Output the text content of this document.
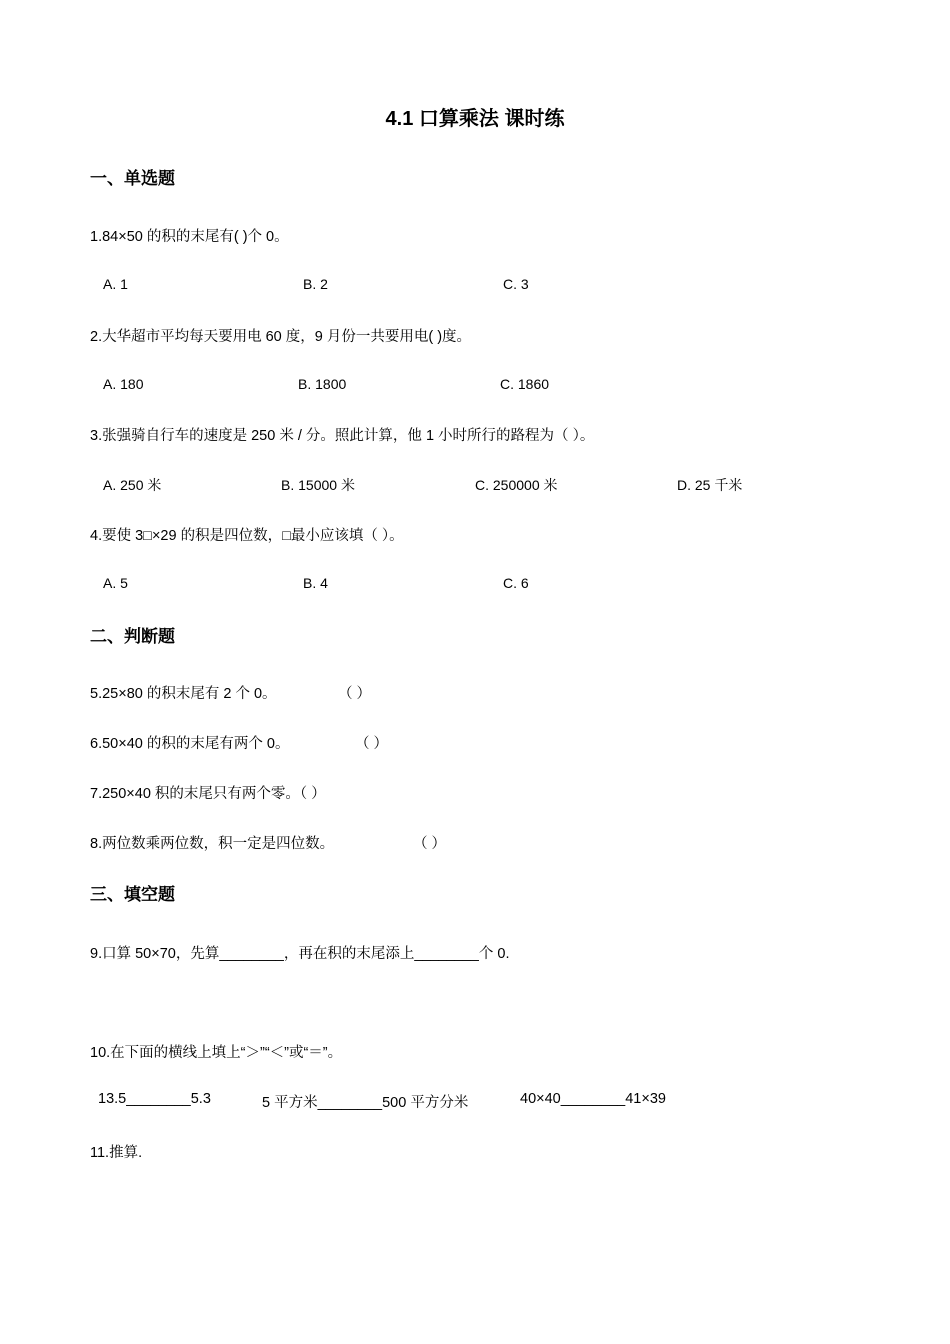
4.1 口算乘法 课时练
一、单选题
1.84×50 的积的末尾有( )个 0。
A. 1	B. 2	C. 3
2.大华超市平均每天要用电 60 度，9 月份一共要用电( )度。
A. 180	B. 1800	C. 1860
3.张强骑自行车的速度是 250 米 / 分。照此计算，他 1 小时所行的路程为（ ）。
A. 250 米	B. 15000 米	C. 250000 米	D. 25 千米
4.要使 3□×29 的积是四位数，□最小应该填（ ）。
A. 5	B. 4	C. 6
二、判断题
5.25×80 的积末尾有 2 个 0。	（ ）
6.50×40 的积的末尾有两个 0。	（ ）
7.250×40 积的末尾只有两个零。（ ）
8.两位数乘两位数，积一定是四位数。	（ ）
三、填空题
9.口算 50×70，先算________，再在积的末尾添上________个 0.
10.在下面的横线上填上“＞”“＜”或“＝”。
13.5________5.3	5 平方米________500 平方分米	40×40________41×39
11.推算.
